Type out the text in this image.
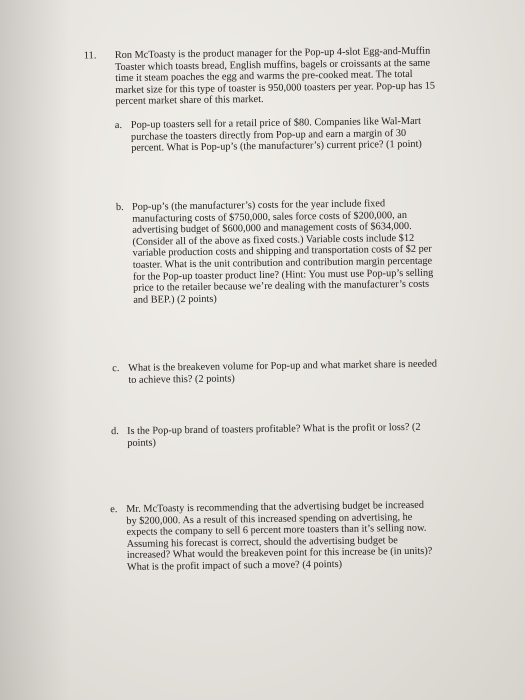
11. Ron McToasty is the product manager for the Pop-up 4-slot Egg-and-Muffin
Toaster which toasts bread, English muffins, bagels or croissants at the same
time it steam poaches the egg and warms the pre-cooked meat. The total
market size for this type of toaster is 950,000 toasters per year. Pop-up has 15
percent market share of this market.
a. Pop-up toasters sell for a retail price of $80. Companies like Wal-Mart
purchase the toasters directly from Pop-up and earn a margin of 30
percent. What is Pop-up’s (the manufacturer’s) current price? (1 point)
b. Pop-up’s (the manufacturer’s) costs for the year include fixed
manufacturing costs of $750,000, sales force costs of $200,000, an
advertising budget of $600,000 and management costs of $634,000.
(Consider all of the above as fixed costs.) Variable costs include $12
variable production costs and shipping and transportation costs of $2 per
toaster. What is the unit contribution and contribution margin percentage
for the Pop-up toaster product line? (Hint: You must use Pop-up’s selling
price to the retailer because we’re dealing with the manufacturer’s costs
and BEP.) (2 points)
c. What is the breakeven volume for Pop-up and what market share is needed
to achieve this? (2 points)
d. Is the Pop-up brand of toasters profitable? What is the profit or loss? (2
points)
e. Mr. McToasty is recommending that the advertising budget be increased
by $200,000. As a result of this increased spending on advertising, he
expects the company to sell 6 percent more toasters than it’s selling now.
Assuming his forecast is correct, should the advertising budget be
increased? What would the breakeven point for this increase be (in units)?
What is the profit impact of such a move? (4 points)
